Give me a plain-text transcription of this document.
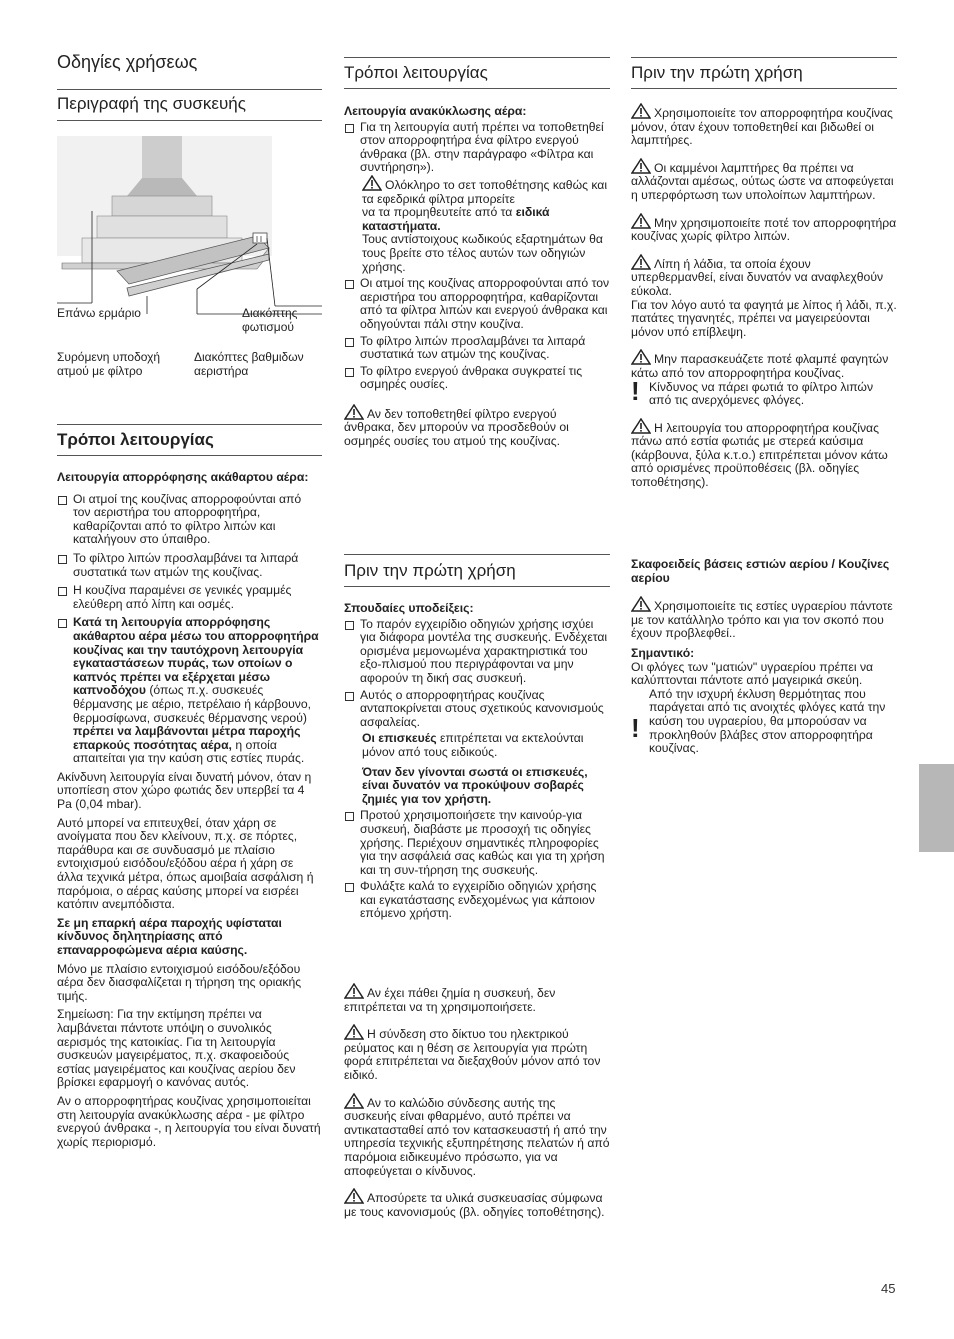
Οδηγίες χρήσεως
Περιγραφή της συσκευής
Επάνω ερμάριο	Διακόπτης φωτισμού
Συρόμενη υποδοχή ατμού με φίλτρο
Διακόπτες βαθμιδων αεριστήρα
Τρόποι λειτουργίας

Λειτουργία απορρόφησης ακάθαρτου αέρα:

Οι ατμοί της κουζίνας απορροφούνται από τον αεριστήρα του απορροφητήρα, καθαρίζονται από το φίλτρο λιπών και καταλήγουν στο ύπαιθρο.

Το φίλτρο λιπών προσλαμβάνει τα λιπαρά συστατικά των ατμών της κουζίνας.

Η κουζίνα παραμένει σε γενικές γραμμές ελεύθερη από λίπη και οσμές.

Κατά τη λειτουργία απορρόφησης ακάθαρτου αέρα μέσω του απορροφητήρα κουζίνας και την ταυτόχρονη λειτουργία εγκαταστάσεων πυράς, των οποίων ο καπνός πρέπει να εξέρχεται μέσω καπνοδόχου (όπως π.χ. συσκευές θέρμανσης με αέριο, πετρέλαιο ή κάρβουνο, θερμοσίφωνα, συσκευές θέρμανσης νερού) πρέπει να λαμβάνονται μέτρα παροχής επαρκούς ποσότητας αέρα, η οποία απαιτείται για την καύση στις εστίες πυράς.

Ακίνδυνη λειτουργία είναι δυνατή μόνον, όταν η υποπίεση στον χώρο φωτιάς δεν υπερβεί τα 4 Pa (0,04 mbar).

Αυτό μπορεί να επιτευχθεί, όταν χάρη σε ανοίγματα που δεν κλείνουν, π.χ. σε πόρτες, παράθυρα και σε συνδυασμό με πλαίσιο εντοιχισμού εισόδου/εξόδου αέρα ή χάρη σε άλλα τεχνικά μέτρα, όπως αμοιβαία ασφάλιση ή παρόμοια, ο αέρας καύσης μπορεί να εισρέει κατόπιν ανεμπόδιστα.

Σε μη επαρκή αέρα παροχής υφίσταται κίνδυνος δηλητηρίασης από επαναρροφώμενα αέρια καύσης.

Μόνο με πλαίσιο εντοιχισμού εισόδου/εξόδου αέρα δεν διασφαλίζεται η τήρηση της οριακής τιμής.

Σημείωση: Για την εκτίμηση πρέπει να λαμβάνεται πάντοτε υπόψη ο συνολικός αερισμός της κατοικίας. Για τη λειτουργία συσκευών μαγειρέματος, π.χ. σκαφοειδούς εστίας μαγειρέματος και κουζίνας αερίου δεν βρίσκει εφαρμογή ο κανόνας αυτός.

Αν ο απορροφητήρας κουζίνας χρησιμοποιείται στη λειτουργία ανακύκλωσης αέρα - με φίλτρο ενεργού άνθρακα -, η λειτουργία του είναι δυνατή χωρίς περιορισμό.

Τρόποι λειτουργίας

Λειτουργία ανακύκλωσης αέρα:

Για τη λειτουργία αυτή πρέπει να τοποθετηθεί στον απορροφητήρα ένα φίλτρο ενεργού άνθρακα (βλ. στην παράγραφο «Φίλτρα και συντήρηση»).

Ολόκληρο το σετ τοποθέτησης καθώς και τα εφεδρικά φίλτρα μπορείτε

να τα προμηθευτείτε από τα ειδικά καταστήματα.

Τους αντίστοιχους κωδικούς εξαρτημάτων θα τους βρείτε στο τέλος αυτών των οδηγιών χρήσης.

Οι ατμοί της κουζίνας απορροφούνται από τον αεριστήρα του απορροφητήρα, καθαρίζονται από τα φίλτρα λιπών και ενεργού άνθρακα και οδηγούνται πάλι στην κουζίνα.

Το φίλτρο λιπών προσλαμβάνει τα λιπαρά συστατικά των ατμών της κουζίνας.

Το φίλτρο ενεργού άνθρακα συγκρατεί τις οσμηρές ουσίες.

Αν δεν τοποθετηθεί φίλτρο ενεργού άνθρακα, δεν μπορούν να προσδεθούν οι οσμηρές ουσίες του ατμού της κουζίνας.

Πριν την πρώτη χρήση

Σπουδαίες υποδείξεις:

Το παρόν εγχειρίδιο οδηγιών χρήσης ισχύει για διάφορα μοντέλα της συσκευής. Ενδέχεται ορισμένα μεμονωμένα χαρακτηριστικά του εξο-πλισμού που περιγράφονται να μην αφορούν τη δική σας συσκευή.

Αυτός ο απορροφητήρας κουζίνας ανταποκρίνεται στους σχετικούς κανονισμούς ασφαλείας.

Οι επισκευές επιτρέπεται να εκτελούνται μόνον από τους ειδικούς.

Όταν δεν γίνονται σωστά οι επισκευές, είναι δυνατόν να προκύψουν σοβαρές ζημιές για τον χρήστη.

Προτού χρησιμοποιήσετε την καινούρ-για συσκευή, διαβάστε με προσοχή τις οδηγίες χρήσης. Περιέχουν σημαντικές πληροφορίες για την ασφάλειά σας καθώς και για τη χρήση και τη συν-τήρηση της συσκευής.

Φυλάξτε καλά το εγχειρίδιο οδηγιών χρήσης και εγκατάστασης ενδεχομένως για κάποιον επόμενο χρήστη.

Αν έχει πάθει ζημία η συσκευή, δεν επιτρέπεται να τη χρησιμοποιήσετε.

Η σύνδεση στο δίκτυο του ηλεκτρικού ρεύματος και η θέση σε λειτουργία για πρώτη φορά επιτρέπεται να διεξαχθούν μόνον από τον ειδικό.

Αν το καλώδιο σύνδεσης αυτής της συσκευής είναι φθαρμένο, αυτό πρέπει να αντικατασταθεί από τον κατασκευαστή ή από την υπηρεσία τεχνικής εξυπηρέτησης πελατών ή από παρόμοια ειδικευμένο πρόσωπο, για να αποφεύγεται ο κίνδυνος.

Αποσύρετε τα υλικά συσκευασίας σύμφωνα με τους κανονισμούς (βλ. οδηγίες τοποθέτησης).

Πριν την πρώτη χρήση

Χρησιμοποιείτε τον απορροφητήρα κουζίνας μόνον, όταν έχουν τοποθετηθεί και βιδωθεί οι λαμπτήρες.

Οι καμμένοι λαμπτήρες θα πρέπει να αλλάζονται αμέσως, ούτως ώστε να αποφεύγεται η υπερφόρτωση των υπολοίπων λαμπτήρων.

Μην χρησιμοποιείτε ποτέ τον απορροφητήρα κουζίνας χωρίς φίλτρο λιπών.

Λίπη ή λάδια, τα οποία έχουν υπερθερμανθεί, είναι δυνατόν να αναφλεχθούν εύκολα.

Για τον λόγο αυτό τα φαγητά με λίπος ή λάδι, π.χ. πατάτες τηγανητές, πρέπει να μαγειρεύονται μόνον υπό επίβλεψη.

Μην παρασκευάζετε ποτέ φλαμπέ φαγητών κάτω από τον απορροφητήρα κουζίνας.

! Κίνδυνος να πάρει φωτιά το φίλτρο λιπών από τις ανερχόμενες φλόγες.

Η λειτουργία του απορροφητήρα κουζίνας πάνω από εστία φωτιάς με στερεά καύσιμα (κάρβουνα, ξύλα κ.τ.ο.) επιτρέπεται μόνον κάτω από ορισμένες προϋποθέσεις (βλ. οδηγίες τοποθέτησης).

Σκαφοειδείς βάσεις εστιών αερίου / Κουζίνες αερίου

Χρησιμοποιείτε τις εστίες υγραερίου πάντοτε με τον κατάλληλο τρόπο και για τον σκοπό που έχουν προβλεφθεί..

Σημαντικό:

Οι φλόγες των "ματιών" υγραερίου πρέπει να καλύπτονται πάντοτε από μαγειρικά σκεύη.

!

Από την ισχυρή έκλυση θερμότητας που παράγεται από τις ανοιχτές φλόγες κατά την καύση του υγραερίου, θα μπορούσαν να προκληθούν βλάβες στον απορροφητήρα κουζίνας.

45
